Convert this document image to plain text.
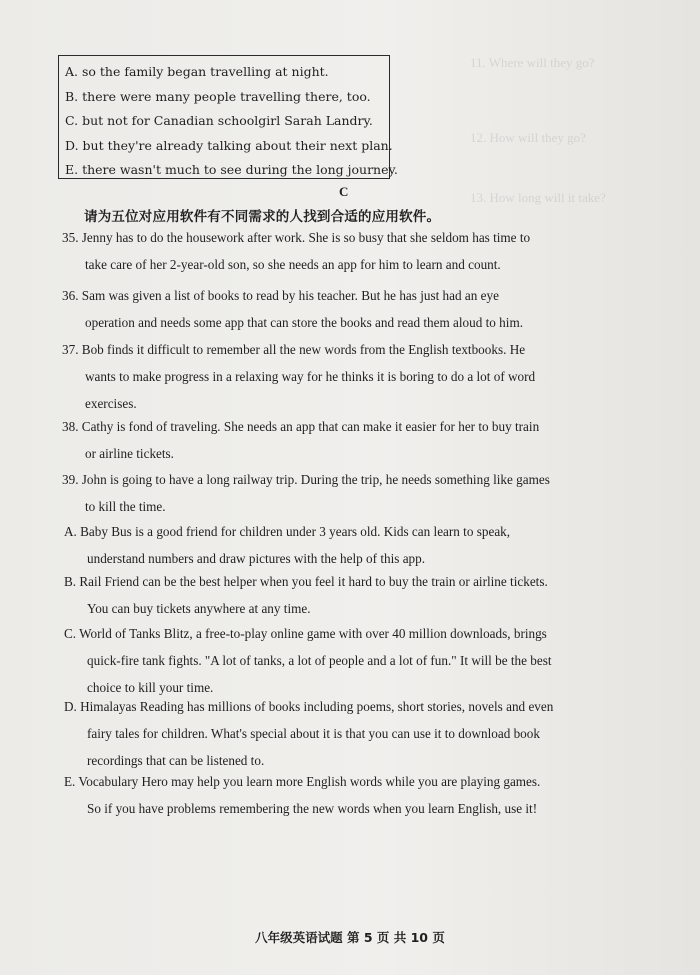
11. Where will they go?
12. How will they go?
13. How long will it take?
A. so the family began travelling at night.
B. there were many people travelling there, too.
C. but not for Canadian schoolgirl Sarah Landry.
D. but they're already talking about their next plan.
E. there wasn't much to see during the long journey.
C
请为五位对应用软件有不同需求的人找到合适的应用软件。
35. Jenny has to do the housework after work. She is so busy that she seldom has time to
take care of her 2-year-old son, so she needs an app for him to learn and count.
36. Sam was given a list of books to read by his teacher. But he has just had an eye
operation and needs some app that can store the books and read them aloud to him.
37. Bob finds it difficult to remember all the new words from the English textbooks. He
wants to make progress in a relaxing way for he thinks it is boring to do a lot of word
exercises.
38. Cathy is fond of traveling. She needs an app that can make it easier for her to buy train
or airline tickets.
39. John is going to have a long railway trip. During the trip, he needs something like games
to kill the time.
A. Baby Bus is a good friend for children under 3 years old. Kids can learn to speak,
understand numbers and draw pictures with the help of this app.
B. Rail Friend can be the best helper when you feel it hard to buy the train or airline tickets.
You can buy tickets anywhere at any time.
C. World of Tanks Blitz, a free-to-play online game with over 40 million downloads, brings
quick-fire tank fights. "A lot of tanks, a lot of people and a lot of fun." It will be the best
choice to kill your time.
D. Himalayas Reading has millions of books including poems, short stories, novels and even
fairy tales for children. What's special about it is that you can use it to download book
recordings that can be listened to.
E. Vocabulary Hero may help you learn more English words while you are playing games.
So if you have problems remembering the new words when you learn English, use it!
八年级英语试题 第 5 页 共 10 页
